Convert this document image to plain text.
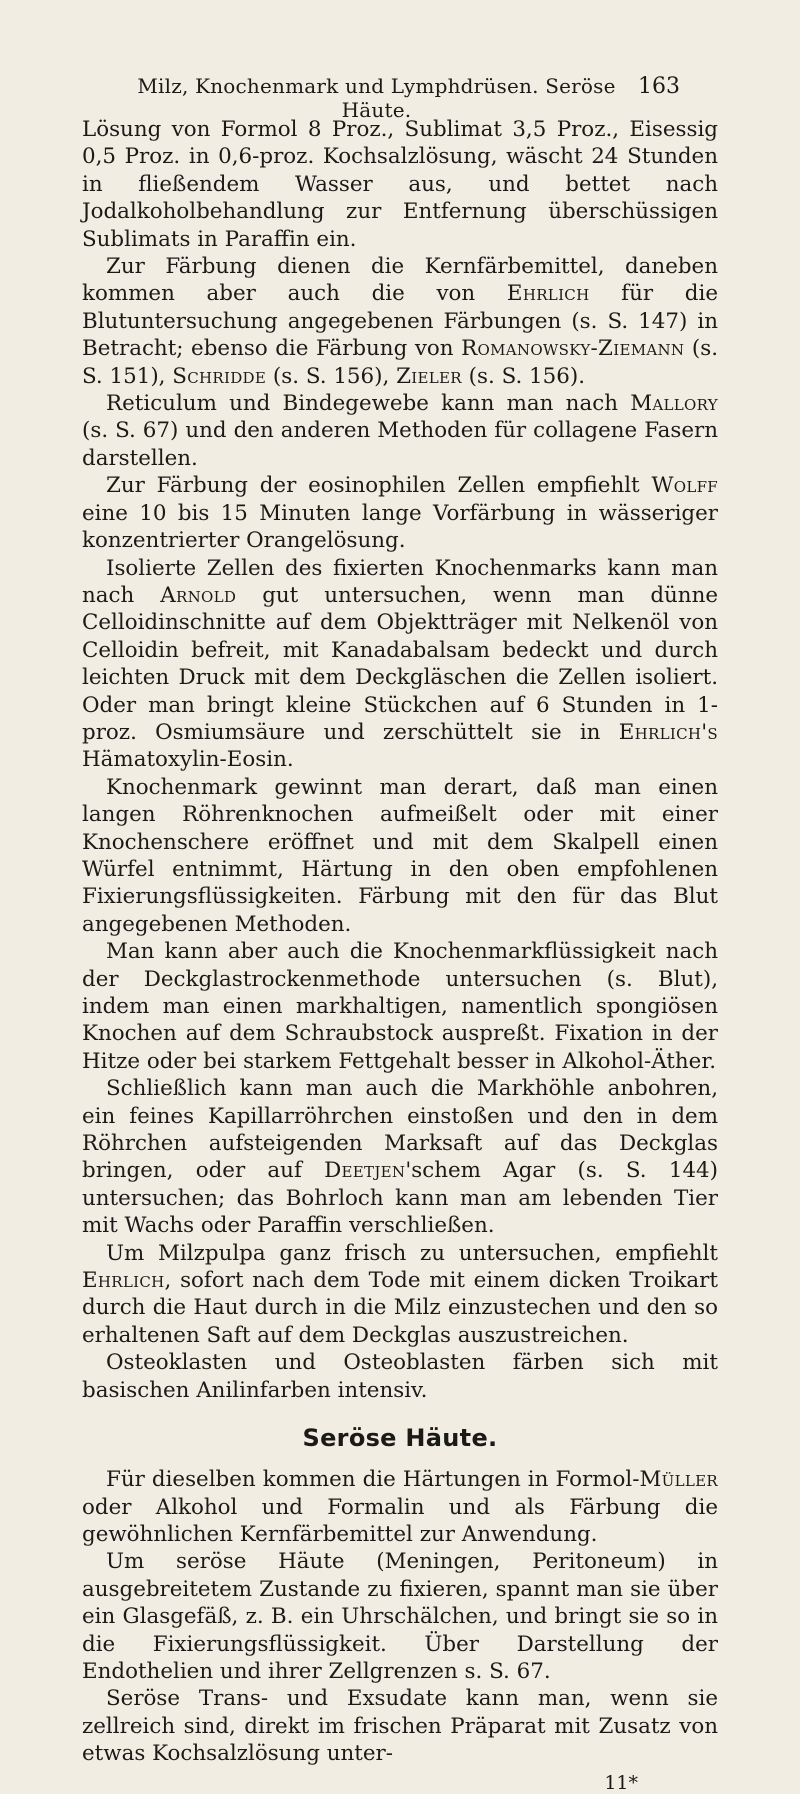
Milz, Knochenmark und Lymphdrüsen. Seröse Häute.
163

Lösung von Formol 8 Proz., Sublimat 3,5 Proz., Eisessig 0,5 Proz. in 0,6-proz. Kochsalzlösung, wäscht 24 Stunden in fließendem Wasser aus, und bettet nach Jodalkoholbehandlung zur Entfernung überschüssigen Sublimats in Paraffin ein.

Zur Färbung dienen die Kernfärbemittel, daneben kommen aber auch die von Ehrlich für die Blutuntersuchung angegebenen Färbungen (s. S. 147) in Betracht; ebenso die Färbung von Romanowsky-Ziemann (s. S. 151), Schridde (s. S. 156), Zieler (s. S. 156).

Reticulum und Bindegewebe kann man nach Mallory (s. S. 67) und den anderen Methoden für collagene Fasern darstellen.

Zur Färbung der eosinophilen Zellen empfiehlt Wolff eine 10 bis 15 Minuten lange Vorfärbung in wässeriger konzentrierter Orangelösung.

Isolierte Zellen des fixierten Knochenmarks kann man nach Arnold gut untersuchen, wenn man dünne Celloidinschnitte auf dem Objektträger mit Nelkenöl von Celloidin befreit, mit Kanadabalsam bedeckt und durch leichten Druck mit dem Deckgläschen die Zellen isoliert. Oder man bringt kleine Stückchen auf 6 Stunden in 1-proz. Osmiumsäure und zerschüttelt sie in Ehrlich's Hämatoxylin-Eosin.

Knochenmark gewinnt man derart, daß man einen langen Röhrenknochen aufmeißelt oder mit einer Knochenschere eröffnet und mit dem Skalpell einen Würfel entnimmt, Härtung in den oben empfohlenen Fixierungsflüssigkeiten. Färbung mit den für das Blut angegebenen Methoden.

Man kann aber auch die Knochenmarkflüssigkeit nach der Deckglastrockenmethode untersuchen (s. Blut), indem man einen markhaltigen, namentlich spongiösen Knochen auf dem Schraubstock auspreßt. Fixation in der Hitze oder bei starkem Fettgehalt besser in Alkohol-Äther.

Schließlich kann man auch die Markhöhle anbohren, ein feines Kapillarröhrchen einstoßen und den in dem Röhrchen aufsteigenden Marksaft auf das Deckglas bringen, oder auf Deetjen'schem Agar (s. S. 144) untersuchen; das Bohrloch kann man am lebenden Tier mit Wachs oder Paraffin verschließen.

Um Milzpulpa ganz frisch zu untersuchen, empfiehlt Ehrlich, sofort nach dem Tode mit einem dicken Troikart durch die Haut durch in die Milz einzustechen und den so erhaltenen Saft auf dem Deckglas auszustreichen.

Osteoklasten und Osteoblasten färben sich mit basischen Anilinfarben intensiv.

Seröse Häute.

Für dieselben kommen die Härtungen in Formol-Müller oder Alkohol und Formalin und als Färbung die gewöhnlichen Kernfärbemittel zur Anwendung.

Um seröse Häute (Meningen, Peritoneum) in ausgebreitetem Zustande zu fixieren, spannt man sie über ein Glasgefäß, z. B. ein Uhrschälchen, und bringt sie so in die Fixierungsflüssigkeit. Über Darstellung der Endothelien und ihrer Zellgrenzen s. S. 67.

Seröse Trans- und Exsudate kann man, wenn sie zellreich sind, direkt im frischen Präparat mit Zusatz von etwas Kochsalzlösung unter-

11*
